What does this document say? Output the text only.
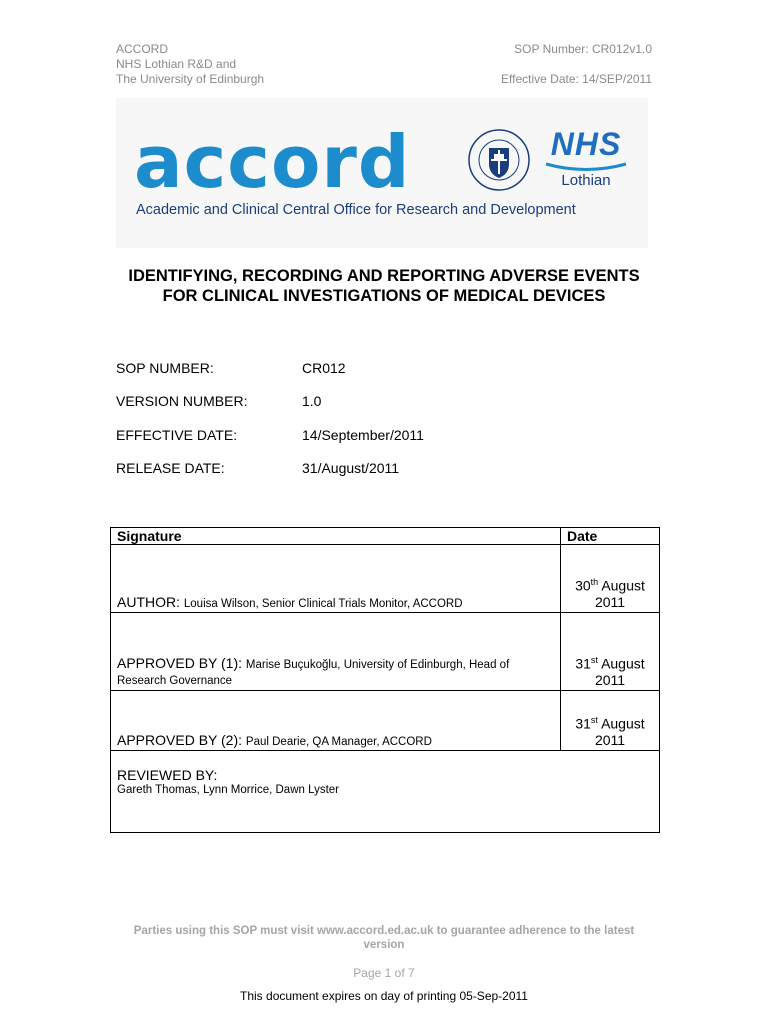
ACCORD
NHS Lothian R&D and
The University of Edinburgh
SOP Number: CR012v1.0
Effective Date: 14/SEP/2011
accord
Academic and Clinical Central Office for Research and Development
NHS
Lothian
IDENTIFYING, RECORDING AND REPORTING ADVERSE EVENTS FOR CLINICAL INVESTIGATIONS OF MEDICAL DEVICES
SOP NUMBER:	CR012
VERSION NUMBER:	1.0
EFFECTIVE DATE:	14/September/2011
RELEASE DATE:	31/August/2011
Signature	Date
AUTHOR: Louisa Wilson, Senior Clinical Trials Monitor, ACCORD	30th August
2011
APPROVED BY (1): Marise Buçukoğlu, University of Edinburgh, Head of Research Governance	31st August
2011
APPROVED BY (2): Paul Dearie, QA Manager, ACCORD	31st August
2011

REVIEWED BY:
Gareth Thomas, Lynn Morrice, Dawn Lyster	
Parties using this SOP must visit www.accord.ed.ac.uk to guarantee adherence to the latest version
Page 1 of 7
This document expires on day of printing 05-Sep-2011
